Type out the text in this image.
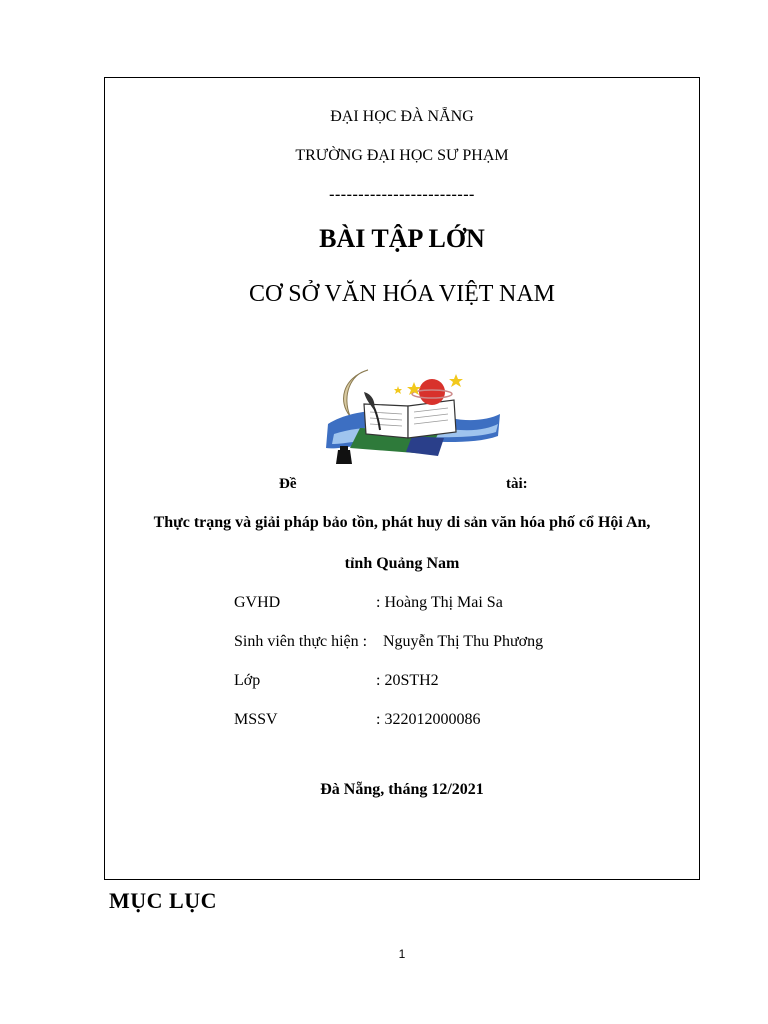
ĐẠI HỌC ĐÀ NẴNG
TRƯỜNG ĐẠI HỌC SƯ PHẠM
-------------------------
BÀI TẬP LỚN
CƠ SỞ VĂN HÓA VIỆT NAM
Đề	tài:
Thực trạng và giải pháp bảo tồn, phát huy di sản văn hóa phố cổ Hội An,
tỉnh Quảng Nam
GVHD	: Hoàng Thị Mai Sa
Sinh viên thực hiện : Nguyễn Thị Thu Phương
Lớp	: 20STH2
MSSV	: 322012000086
Đà Nẵng, tháng 12/2021
MỤC LỤC
1
